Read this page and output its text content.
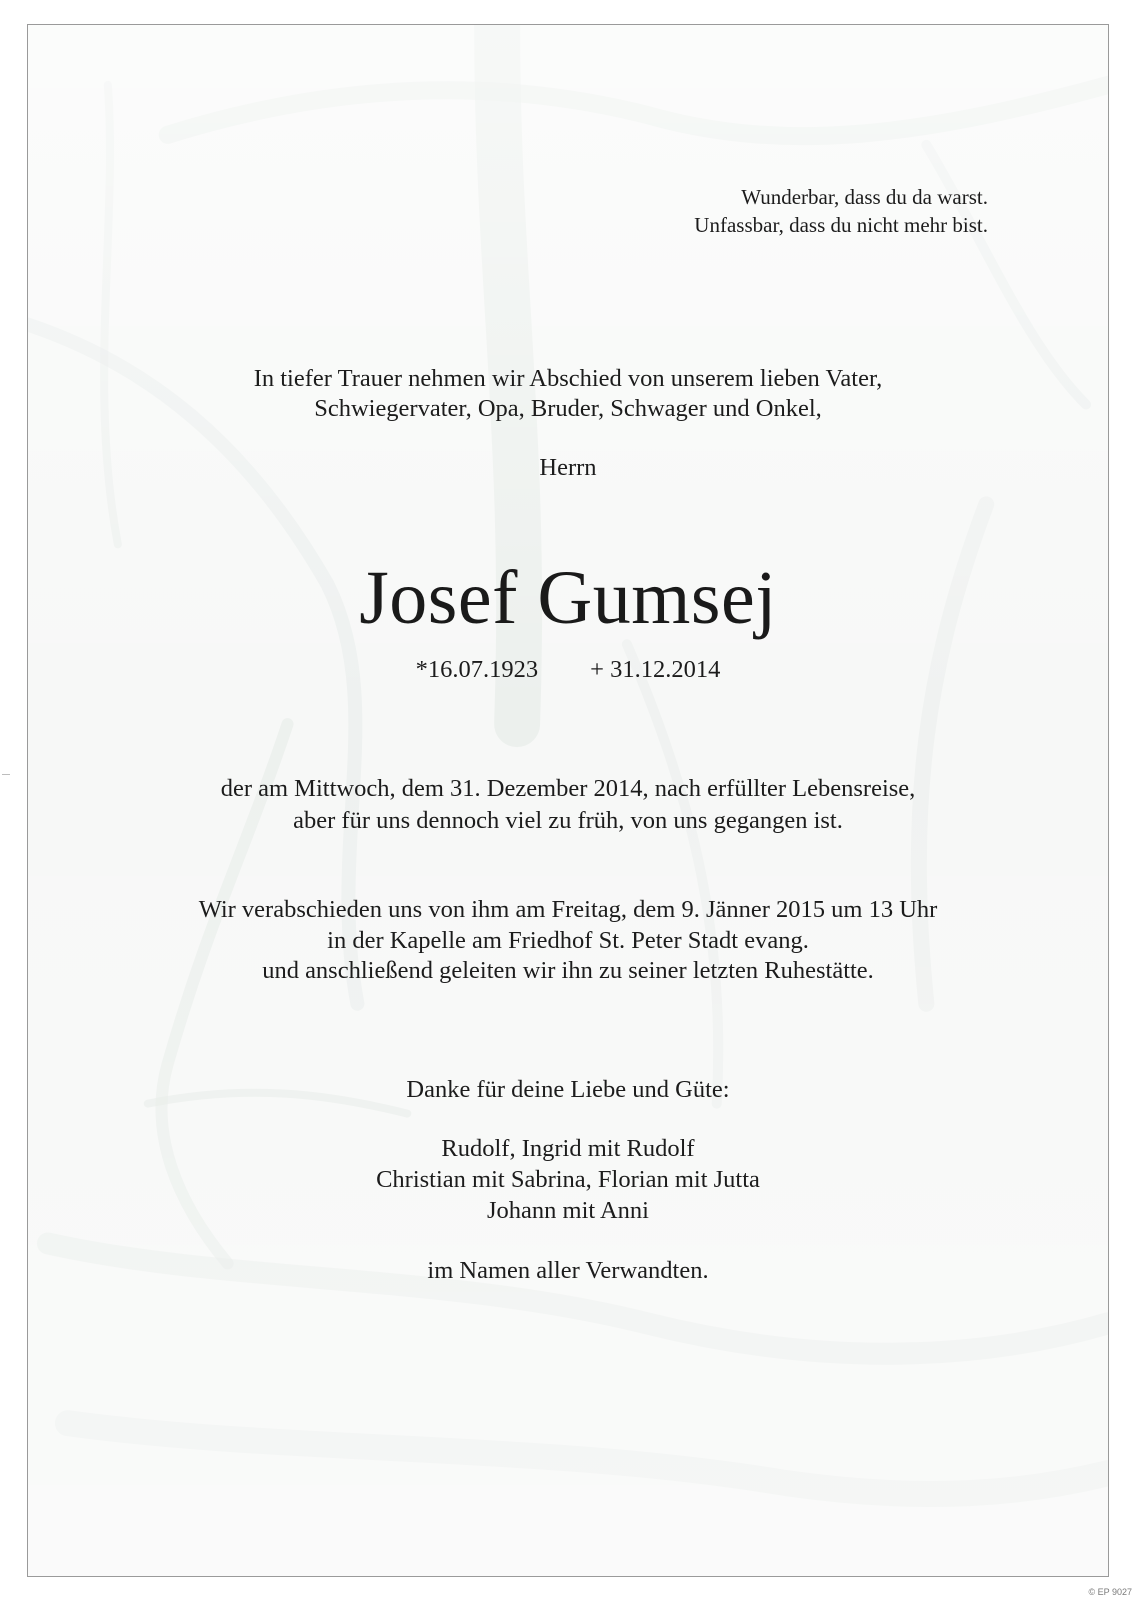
Wunderbar, dass du da warst.
Unfassbar, dass du nicht mehr bist.
In tiefer Trauer nehmen wir Abschied von unserem lieben Vater,
Schwiegervater, Opa, Bruder, Schwager und Onkel,
Herrn
Josef Gumsej
*16.07.1923 + 31.12.2014
der am Mittwoch, dem 31. Dezember 2014, nach erfüllter Lebensreise,
aber für uns dennoch viel zu früh, von uns gegangen ist.
Wir verabschieden uns von ihm am Freitag, dem 9. Jänner 2015 um 13 Uhr
in der Kapelle am Friedhof St. Peter Stadt evang.
und anschließend geleiten wir ihn zu seiner letzten Ruhestätte.
Danke für deine Liebe und Güte:
Rudolf, Ingrid mit Rudolf
Christian mit Sabrina, Florian mit Jutta
Johann mit Anni
im Namen aller Verwandten.
© EP 9027
